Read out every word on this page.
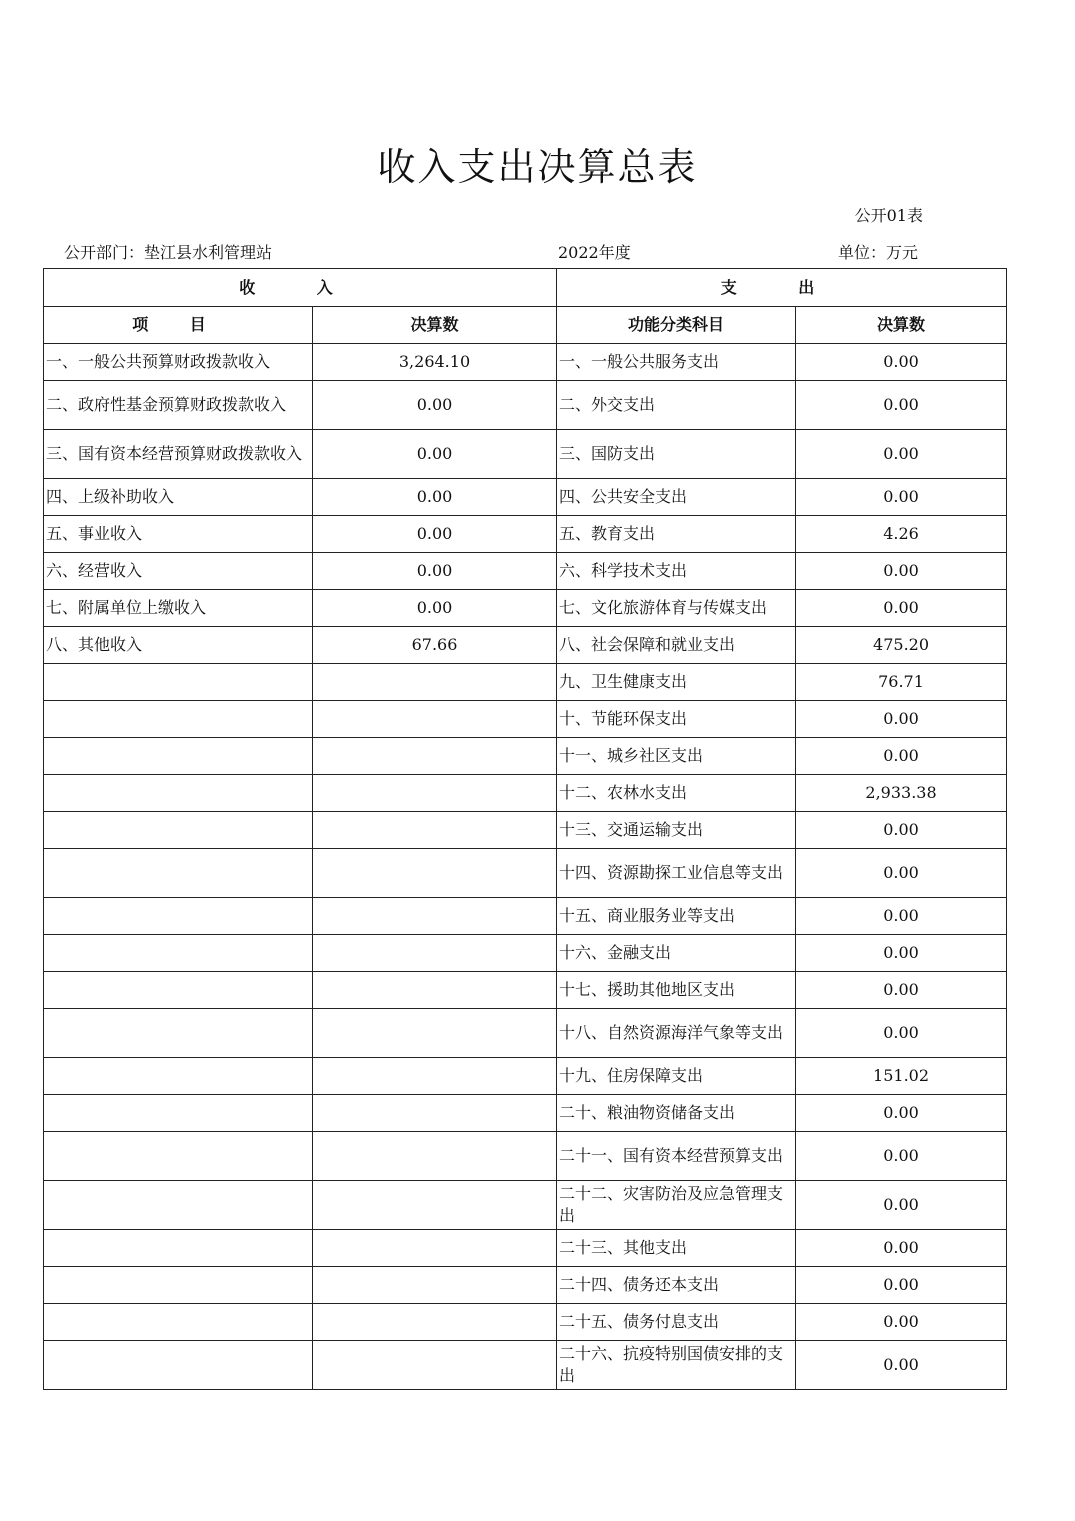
收入支出决算总表
公开01表
公开部门：垫江县水利管理站	2022年度	单位：万元
收 入		支 出	
项 目	决算数	功能分类科目	决算数
一、一般公共预算财政拨款收入	3,264.10	一、一般公共服务支出	0.00
二、政府性基金预算财政拨款收入	0.00	二、外交支出	0.00
三、国有资本经营预算财政拨款收入	0.00	三、国防支出	0.00
四、上级补助收入	0.00	四、公共安全支出	0.00
五、事业收入	0.00	五、教育支出	4.26
六、经营收入	0.00	六、科学技术支出	0.00
七、附属单位上缴收入	0.00	七、文化旅游体育与传媒支出	0.00
八、其他收入	67.66	八、社会保障和就业支出	475.20
		九、卫生健康支出	76.71
		十、节能环保支出	0.00
		十一、城乡社区支出	0.00
		十二、农林水支出	2,933.38
		十三、交通运输支出	0.00
		十四、资源勘探工业信息等支出	0.00
		十五、商业服务业等支出	0.00
		十六、金融支出	0.00
		十七、援助其他地区支出	0.00
		十八、自然资源海洋气象等支出	0.00
		十九、住房保障支出	151.02
		二十、粮油物资储备支出	0.00
		二十一、国有资本经营预算支出	0.00
		二十二、灾害防治及应急管理支出	0.00
		二十三、其他支出	0.00
		二十四、债务还本支出	0.00
		二十五、债务付息支出	0.00
		二十六、抗疫特别国债安排的支出	0.00
